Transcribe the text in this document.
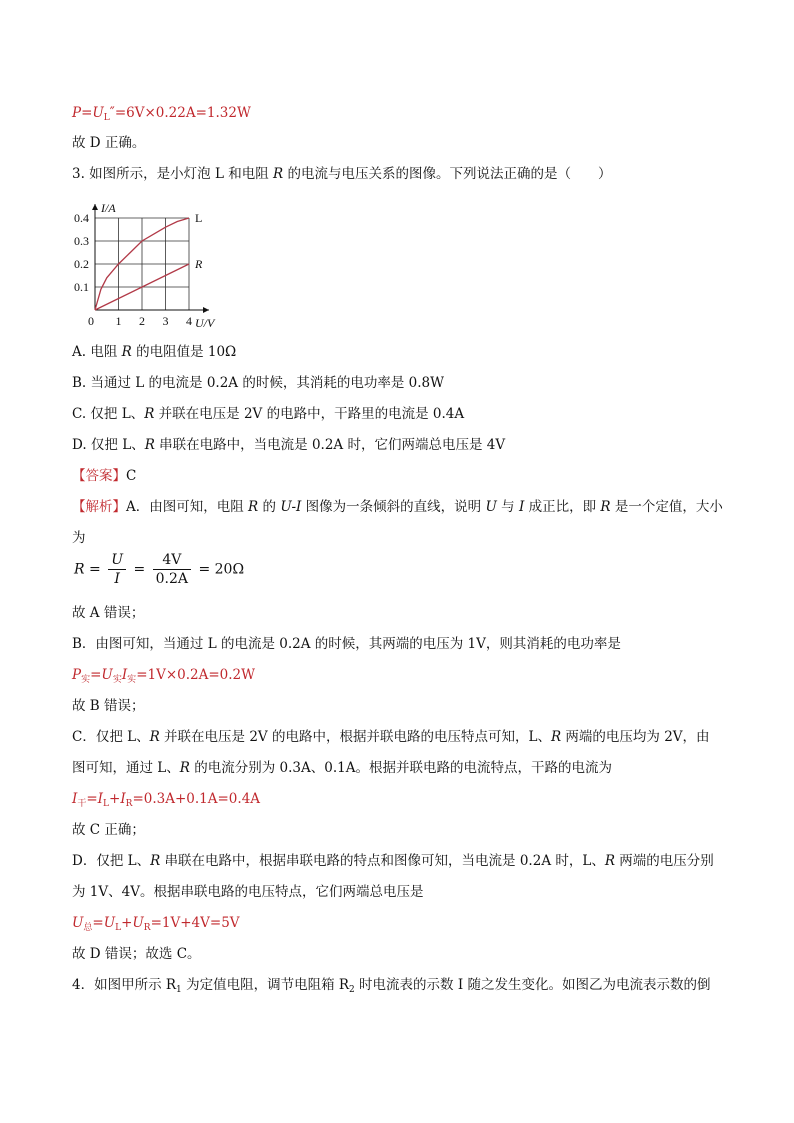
$P=U_L''=6V\times 0.22A=1.32W$
故 D 正确。
3. 如图所示，是小灯泡 L 和电阻 R 的电流与电压关系的图像。下列说法正确的是（　　）
0 1 2 3 4
0.1
0.2
0.3
0.4
U/V
I/A
L
R
A. 电阻 R 的电阻值是 10Ω
B. 当通过 L 的电流是 0.2A 的时候，其消耗的电功率是 0.8W
C. 仅把 L、R 并联在电压是 2V 的电路中，干路里的电流是 0.4A
D. 仅把 L、R 串联在电路中，当电流是 0.2A 时，它们两端总电压是 4V
【答案】C
【解析】A．由图可知，电阻 R 的 U-I 图像为一条倾斜的直线，说明 U 与 I 成正比，即 R 是一个定值，大小
为
$R = \frac{U}{I} = \frac{4V}{0.2A} = 20\Omega$
故 A 错误；
B．由图可知，当通过 L 的电流是 0.2A 的时候，其两端的电压为 1V，则其消耗的电功率是
$P_实=U_实I_实=1V\times 0.2A=0.2W$
故 B 错误；
C．仅把 L、R 并联在电压是 2V 的电路中，根据并联电路的电压特点可知，L、R 两端的电压均为 2V，由
图可知，通过 L、R 的电流分别为 0.3A、0.1A。根据并联电路的电流特点，干路的电流为
$I_干=I_L+I_R=0.3A+0.1A=0.4A$
故 C 正确；
D．仅把 L、R 串联在电路中，根据串联电路的特点和图像可知，当电流是 0.2A 时，L、R 两端的电压分别
为 1V、4V。根据串联电路的电压特点，它们两端总电压是
$U_总=U_L+U_R=1V+4V=5V$
故 D 错误；故选 C。
4．如图甲所示 $R_1$ 为定值电阻，调节电阻箱 $R_2$ 时电流表的示数 I 随之发生变化。如图乙为电流表示数的倒
